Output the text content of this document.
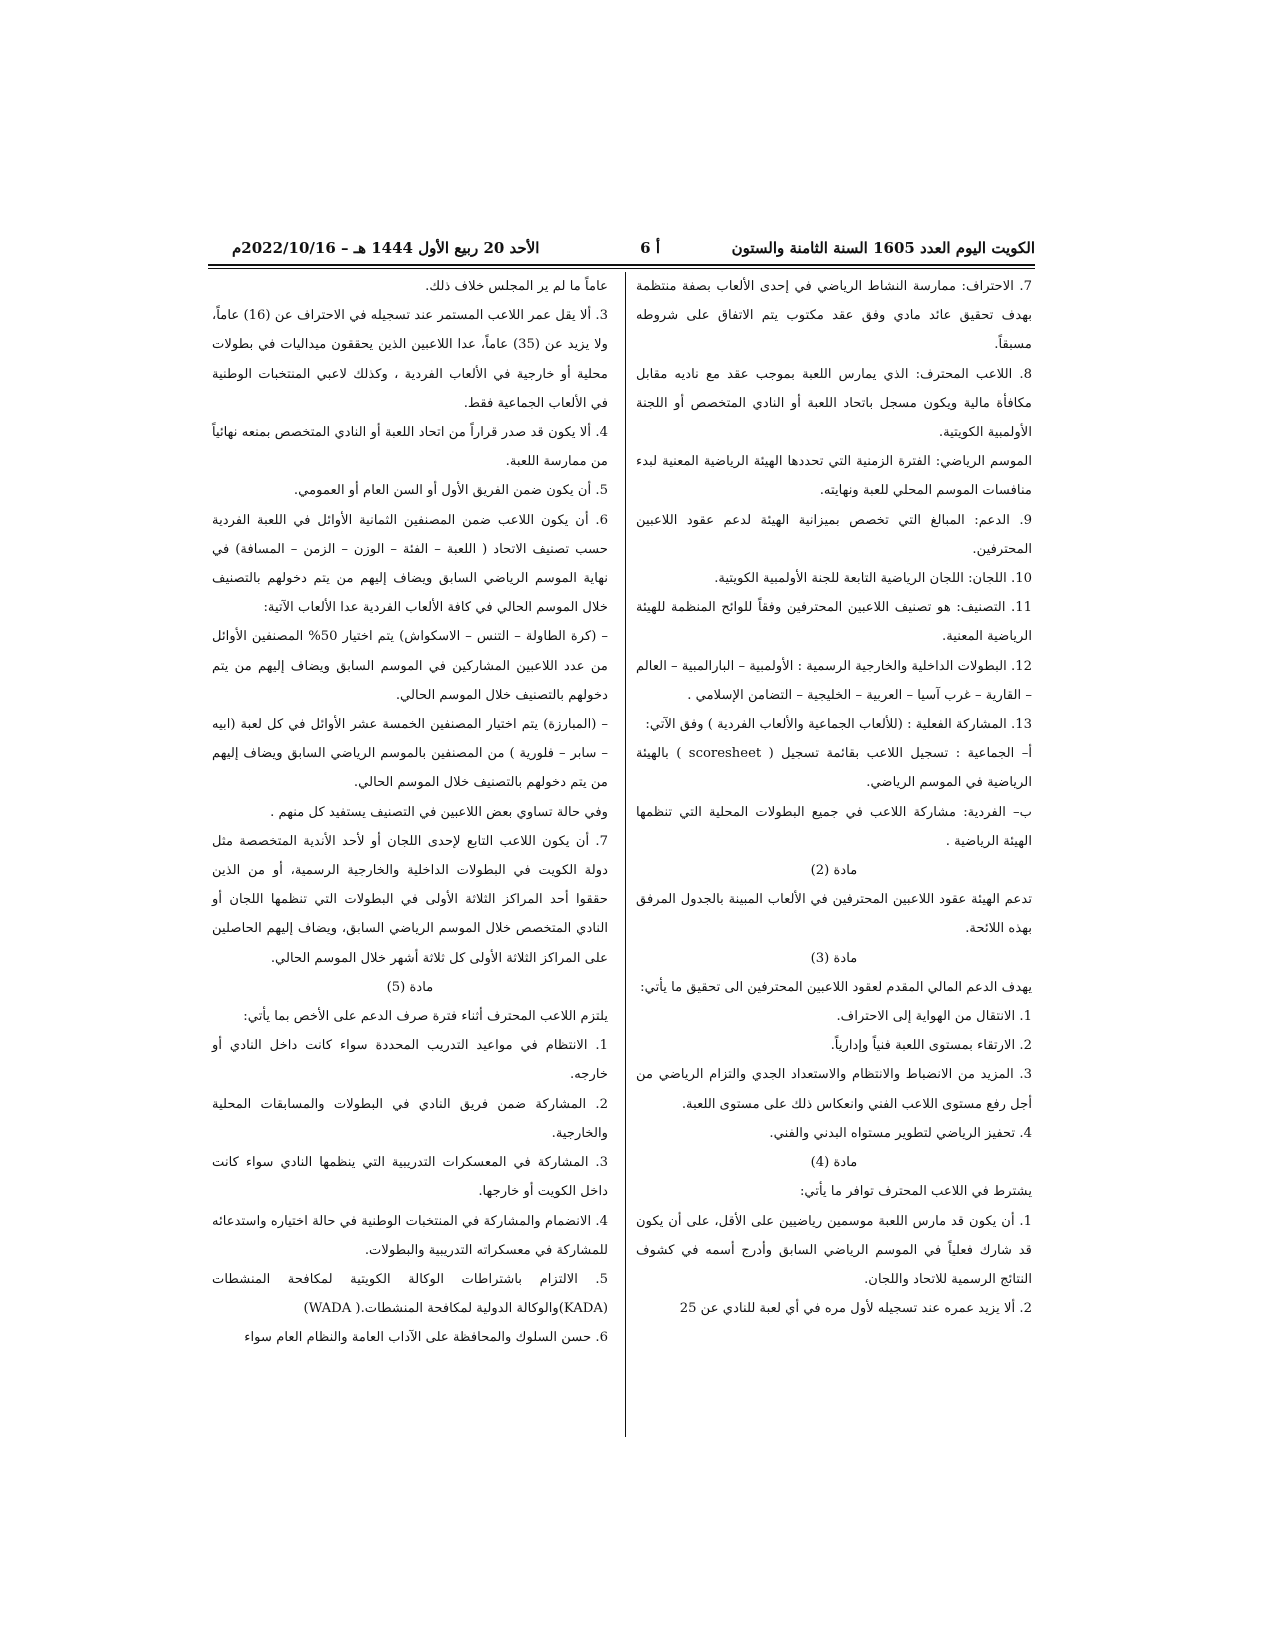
الكويت اليوم العدد 1605 السنة الثامنة والستون
أ 6
الأحد 20 ربيع الأول 1444 هـ – 2022/10/16م

7. الاحتراف: ممارسة النشاط الرياضي في إحدى الألعاب بصفة منتظمة بهدف تحقيق عائد مادي وفق عقد مكتوب يتم الاتفاق على شروطه مسبقاً.

8. اللاعب المحترف: الذي يمارس اللعبة بموجب عقد مع ناديه مقابل مكافأة مالية ويكون مسجل باتحاد اللعبة أو النادي المتخصص أو اللجنة الأولمبية الكويتية.

الموسم الرياضي: الفترة الزمنية التي تحددها الهيئة الرياضية المعنية لبدء منافسات الموسم المحلي للعبة ونهايته.

9. الدعم: المبالغ التي تخصص بميزانية الهيئة لدعم عقود اللاعبين المحترفين.

10. اللجان: اللجان الرياضية التابعة للجنة الأولمبية الكويتية.

11. التصنيف: هو تصنيف اللاعبين المحترفين وفقاً للوائح المنظمة للهيئة الرياضية المعنية.

12. البطولات الداخلية والخارجية الرسمية : الأولمبية – البارالمبية – العالم – القارية – غرب آسيا – العربية – الخليجية – التضامن الإسلامي .

13. المشاركة الفعلية : (للألعاب الجماعية والألعاب الفردية ) وفق الآتي:

أ– الجماعية : تسجيل اللاعب بقائمة تسجيل ( scoresheet ) بالهيئة الرياضية في الموسم الرياضي.

ب– الفردية: مشاركة اللاعب في جميع البطولات المحلية التي تنظمها الهيئة الرياضية .

مادة (2)

تدعم الهيئة عقود اللاعبين المحترفين في الألعاب المبينة بالجدول المرفق بهذه اللائحة.

مادة (3)

يهدف الدعم المالي المقدم لعقود اللاعبين المحترفين الى تحقيق ما يأتي:

1. الانتقال من الهواية إلى الاحتراف.

2. الارتقاء بمستوى اللعبة فنياً وإدارياً.

3. المزيد من الانضباط والانتظام والاستعداد الجدي والتزام الرياضي من أجل رفع مستوى اللاعب الفني وانعكاس ذلك على مستوى اللعبة.

4. تحفيز الرياضي لتطوير مستواه البدني والفني.

مادة (4)

يشترط في اللاعب المحترف توافر ما يأتي:

1. أن يكون قد مارس اللعبة موسمين رياضيين على الأقل، على أن يكون قد شارك فعلياً في الموسم الرياضي السابق وأدرج أسمه في كشوف النتائج الرسمية للاتحاد واللجان.

2. ألا يزيد عمره عند تسجيله لأول مره في أي لعبة للنادي عن 25

عاماً ما لم ير المجلس خلاف ذلك.

3. ألا يقل عمر اللاعب المستمر عند تسجيله في الاحتراف عن (16) عاماً، ولا يزيد عن (35) عاماً، عدا اللاعبين الذين يحققون ميداليات في بطولات محلية أو خارجية في الألعاب الفردية ، وكذلك لاعبي المنتخبات الوطنية في الألعاب الجماعية فقط.

4. ألا يكون قد صدر قراراً من اتحاد اللعبة أو النادي المتخصص بمنعه نهائياً من ممارسة اللعبة.

5. أن يكون ضمن الفريق الأول أو السن العام أو العمومي.

6. أن يكون اللاعب ضمن المصنفين الثمانية الأوائل في اللعبة الفردية حسب تصنيف الاتحاد ( اللعبة – الفئة – الوزن – الزمن – المسافة) في نهاية الموسم الرياضي السابق ويضاف إليهم من يتم دخولهم بالتصنيف خلال الموسم الحالي في كافة الألعاب الفردية عدا الألعاب الآتية:

– (كرة الطاولة – التنس – الاسكواش) يتم اختيار 50% المصنفين الأوائل من عدد اللاعبين المشاركين في الموسم السابق ويضاف إليهم من يتم دخولهم بالتصنيف خلال الموسم الحالي.

– (المبارزة) يتم اختيار المصنفين الخمسة عشر الأوائل في كل لعبة (ابيه – سابر – فلورية ) من المصنفين بالموسم الرياضي السابق ويضاف إليهم من يتم دخولهم بالتصنيف خلال الموسم الحالي.

وفي حالة تساوي بعض اللاعبين في التصنيف يستفيد كل منهم .

7. أن يكون اللاعب التابع لإحدى اللجان أو لأحد الأندية المتخصصة مثل دولة الكويت في البطولات الداخلية والخارجية الرسمية، أو من الذين حققوا أحد المراكز الثلاثة الأولى في البطولات التي تنظمها اللجان أو النادي المتخصص خلال الموسم الرياضي السابق، ويضاف إليهم الحاصلين على المراكز الثلاثة الأولى كل ثلاثة أشهر خلال الموسم الحالي.

مادة (5)

يلتزم اللاعب المحترف أثناء فترة صرف الدعم على الأخص بما يأتي:

1. الانتظام في مواعيد التدريب المحددة سواء كانت داخل النادي أو خارجه.

2. المشاركة ضمن فريق النادي في البطولات والمسابقات المحلية والخارجية.

3. المشاركة في المعسكرات التدريبية التي ينظمها النادي سواء كانت داخل الكويت أو خارجها.

4. الانضمام والمشاركة في المنتخبات الوطنية في حالة اختياره واستدعائه للمشاركة في معسكراته التدريبية والبطولات.

5. الالتزام باشتراطات الوكالة الكويتية لمكافحة المنشطات (KADA)والوكالة الدولية لمكافحة المنشطات.( WADA)

6. حسن السلوك والمحافظة على الآداب العامة والنظام العام سواء
